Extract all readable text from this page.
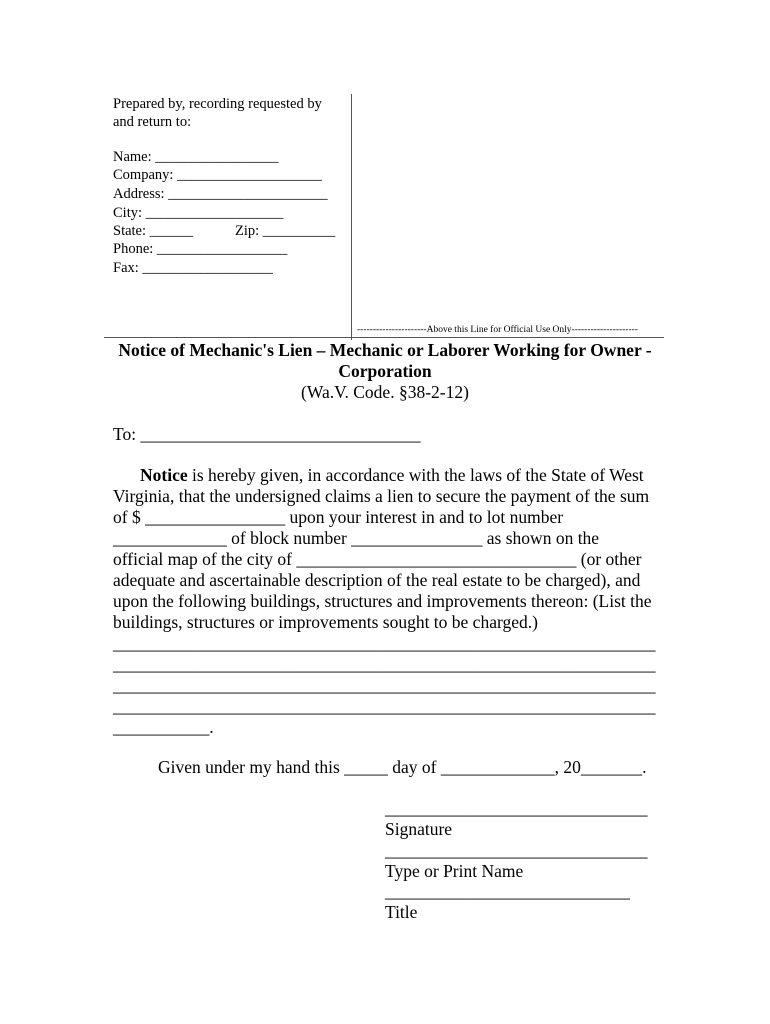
Prepared by, recording requested by
and return to:
Name: _________________
Company: ____________________
Address: ______________________
City: ___________________
State: ______	Zip: __________
Phone: __________________
Fax: __________________
----------------------Above this Line for Official Use Only---------------------
Notice of Mechanic's Lien – Mechanic or Laborer Working for Owner -
Corporation
(Wa.V. Code. §38-2-12)
To: ________________________________
Notice is hereby given, in accordance with the laws of the State of West
Virginia, that the undersigned claims a lien to secure the payment of the sum
of $ ________________ upon your interest in and to lot number
_____________ of block number _______________ as shown on the
official map of the city of ________________________________ (or other
adequate and ascertainable description of the real estate to be charged), and
upon the following buildings, structures and improvements thereon: (List the
buildings, structures or improvements sought to be charged.)
______________________________________________________________
______________________________________________________________
______________________________________________________________
______________________________________________________________
___________.
Given under my hand this _____ day of _____________, 20_______.
______________________________
Signature
______________________________
Type or Print Name
____________________________
Title
